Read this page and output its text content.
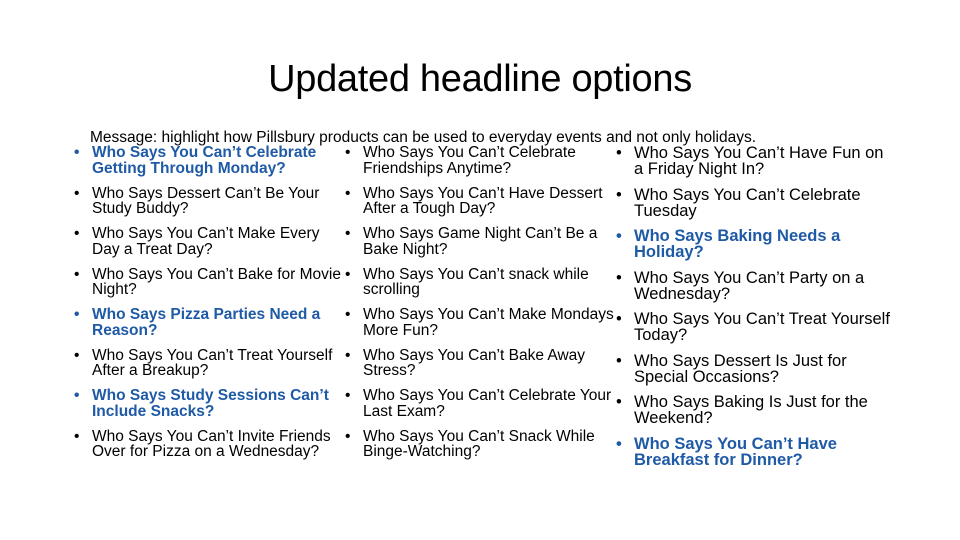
Updated headline options
Message: highlight how Pillsbury products can be used to everyday events and not only holidays.
• Who Says You Can’t Celebrate Getting Through Monday?
• Who Says Dessert Can’t Be Your Study Buddy?
• Who Says You Can’t Make Every Day a Treat Day?
• Who Says You Can’t Bake for Movie Night?
• Who Says Pizza Parties Need a Reason?
• Who Says You Can’t Treat Yourself After a Breakup?
• Who Says Study Sessions Can’t Include Snacks?
• Who Says You Can’t Invite Friends Over for Pizza on a Wednesday?
• Who Says You Can’t Celebrate Friendships Anytime?
• Who Says You Can’t Have Dessert After a Tough Day?
• Who Says Game Night Can’t Be a Bake Night?
• Who Says You Can’t snack while scrolling
• Who Says You Can’t Make Mondays More Fun?
• Who Says You Can’t Bake Away Stress?
• Who Says You Can’t Celebrate Your Last Exam?
• Who Says You Can’t Snack While Binge-Watching?
• Who Says You Can’t Have Fun on a Friday Night In?
• Who Says You Can’t Celebrate Tuesday
• Who Says Baking Needs a Holiday?
• Who Says You Can’t Party on a Wednesday?
• Who Says You Can’t Treat Yourself Today?
• Who Says Dessert Is Just for Special Occasions?
• Who Says Baking Is Just for the Weekend?
• Who Says You Can’t Have Breakfast for Dinner?
